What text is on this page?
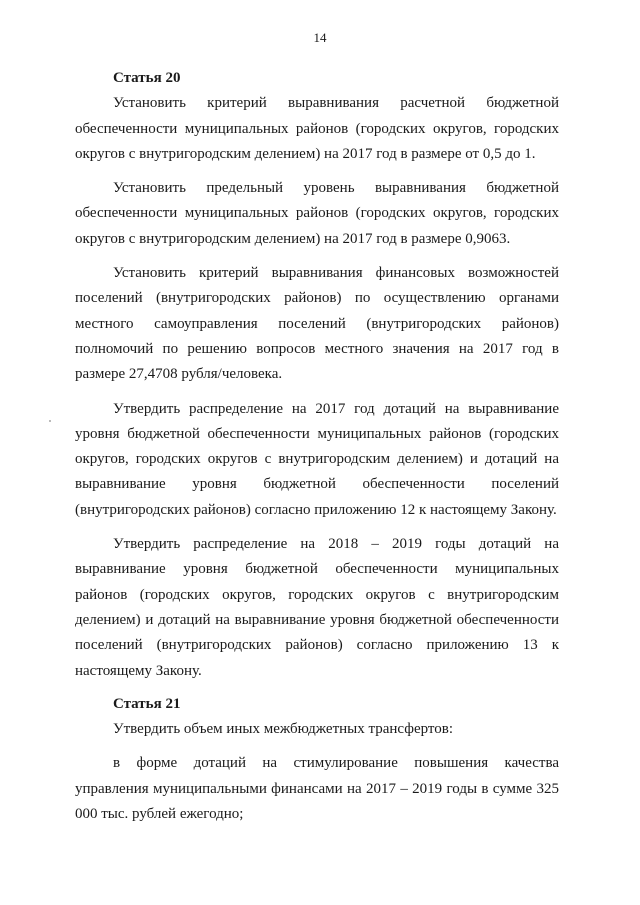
14

Статья 20

Установить критерий выравнивания расчетной бюджетной обеспеченности муниципальных районов (городских округов, городских округов с внутригородским делением) на 2017 год в размере от 0,5 до 1.

Установить предельный уровень выравнивания бюджетной обеспеченности муниципальных районов (городских округов, городских округов с внутригородским делением) на 2017 год в размере 0,9063.

Установить критерий выравнивания финансовых возможностей поселений (внутригородских районов) по осуществлению органами местного самоуправления поселений (внутригородских районов) полномочий по решению вопросов местного значения на 2017 год в размере 27,4708 рубля/человека.

Утвердить распределение на 2017 год дотаций на выравнивание уровня бюджетной обеспеченности муниципальных районов (городских округов, городских округов с внутригородским делением) и дотаций на выравнивание уровня бюджетной обеспеченности поселений (внутригородских районов) согласно приложению 12 к настоящему Закону.

Утвердить распределение на 2018 – 2019 годы дотаций на выравнивание уровня бюджетной обеспеченности муниципальных районов (городских округов, городских округов с внутригородским делением) и дотаций на выравнивание уровня бюджетной обеспеченности поселений (внутригородских районов) согласно приложению 13 к настоящему Закону.

Статья 21

Утвердить объем иных межбюджетных трансфертов:

в форме дотаций на стимулирование повышения качества управления муниципальными финансами на 2017 – 2019 годы в сумме 325 000 тыс. рублей ежегодно;
